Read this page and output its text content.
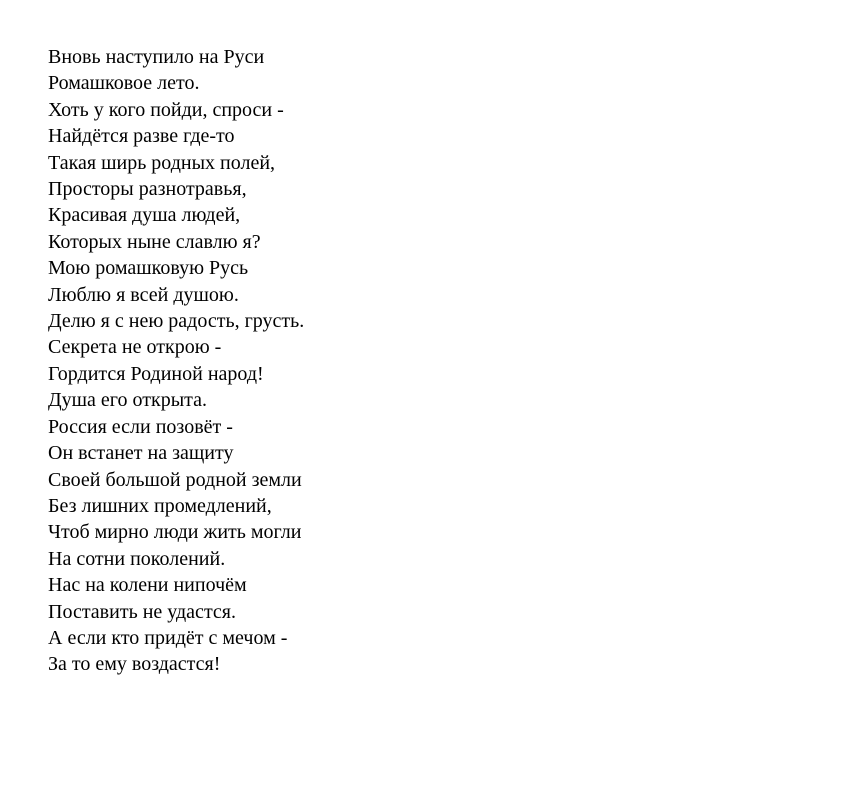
Вновь наступило на Руси
Ромашковое лето.
Хоть у кого пойди, спроси -
Найдётся разве где-то
Такая ширь родных полей,
Просторы разнотравья,
Красивая душа людей,
Которых ныне славлю я?
Мою ромашковую Русь
Люблю я всей душою.
Делю я с нею радость, грусть.
Секрета не открою -
Гордится Родиной народ!
Душа его открыта.
Россия если позовёт -
Он встанет на защиту
Своей большой родной земли
Без лишних промедлений,
Чтоб мирно люди жить могли
На сотни поколений.
Нас на колени нипочём
Поставить не удастся.
А если кто придёт с мечом -
За то ему воздастся!
